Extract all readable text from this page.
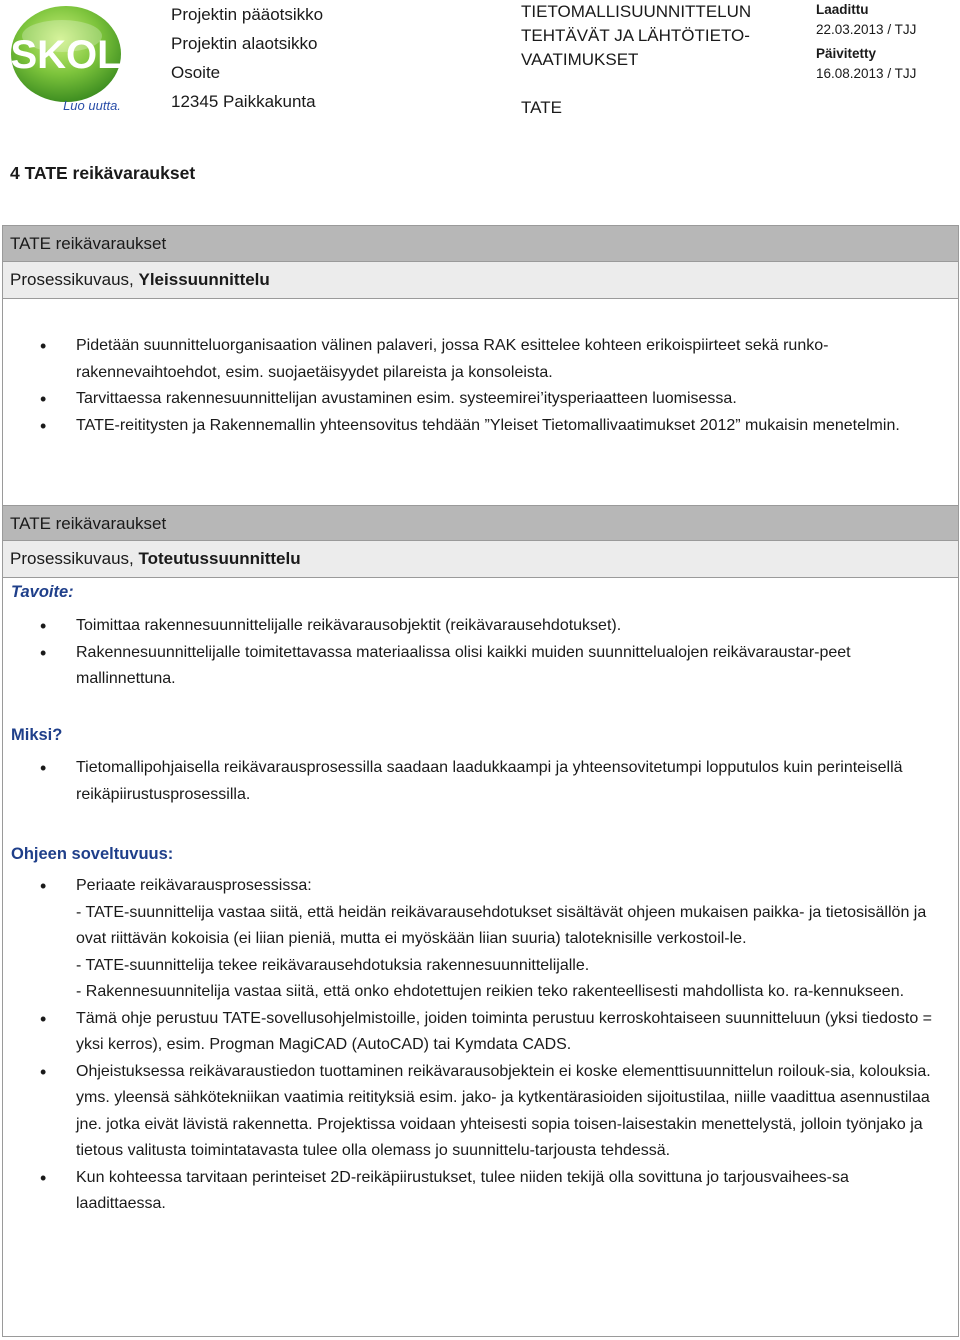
SKOL
Luo uutta.
Projektin pääotsikko
Projektin alaotsikko
Osoite
12345 Paikkakunta
TIETOMALLISUUNNITTELUN
TEHTÄVÄT JA LÄHTÖTIETO-
VAATIMUKSET
TATE
Laadittu
22.03.2013 / TJJ
Päivitetty
16.08.2013 / TJJ
4 TATE reikävaraukset
TATE reikävaraukset
Prosessikuvaus, Yleissuunnittelu
• Pidetään suunnitteluorganisaation välinen palaveri, jossa RAK esittelee kohteen erikoispiirteet sekä runko-rakennevaihtoehdot, esim. suojaetäisyydet pilareista ja konsoleista.
• Tarvittaessa rakennesuunnittelijan avustaminen esim. systeemirei’itysperiaatteen luomisessa.
• TATE-reititysten ja Rakennemallin yhteensovitus tehdään ”Yleiset Tietomallivaatimukset 2012” mukaisin menetelmin.
TATE reikävaraukset
Prosessikuvaus, Toteutussuunnittelu
Tavoite:
• Toimittaa rakennesuunnittelijalle reikävarausobjektit (reikävarausehdotukset).
• Rakennesuunnittelijalle toimitettavassa materiaalissa olisi kaikki muiden suunnittelualojen reikävaraustar-peet mallinnettuna.
Miksi?
• Tietomallipohjaisella reikävarausprosessilla saadaan laadukkaampi ja yhteensovitetumpi lopputulos kuin perinteisellä reikäpiirustusprosessilla.
Ohjeen soveltuvuus:
• Periaate reikävarausprosessissa:
- TATE-suunnittelija vastaa siitä, että heidän reikävarausehdotukset sisältävät ohjeen mukaisen paikka- ja tietosisällön ja ovat riittävän kokoisia (ei liian pieniä, mutta ei myöskään liian suuria) taloteknisille verkostoil-le.
- TATE-suunnittelija tekee reikävarausehdotuksia rakennesuunnittelijalle.
- Rakennesuunnitelija vastaa siitä, että onko ehdotettujen reikien teko rakenteellisesti mahdollista ko. ra-kennukseen.
• Tämä ohje perustuu TATE-sovellusohjelmistoille, joiden toiminta perustuu kerroskohtaiseen suunnitteluun (yksi tiedosto = yksi kerros), esim. Progman MagiCAD (AutoCAD) tai Kymdata CADS.
• Ohjeistuksessa reikävaraustiedon tuottaminen reikävarausobjektein ei koske elementtisuunnittelun roilouk-sia, kolouksia. yms. yleensä sähkötekniikan vaatimia reitityksiä esim. jako- ja kytkentärasioiden sijoitustilaa, niille vaadittua asennustilaa jne. jotka eivät lävistä rakennetta. Projektissa voidaan yhteisesti sopia toisen-laisestakin menettelystä, jolloin työnjako ja tietous valitusta toimintatavasta tulee olla olemass jo suunnittelu-tarjousta tehdessä.
• Kun kohteessa tarvitaan perinteiset 2D-reikäpiirustukset, tulee niiden tekijä olla sovittuna jo tarjousvaihees-sa laadittaessa.
